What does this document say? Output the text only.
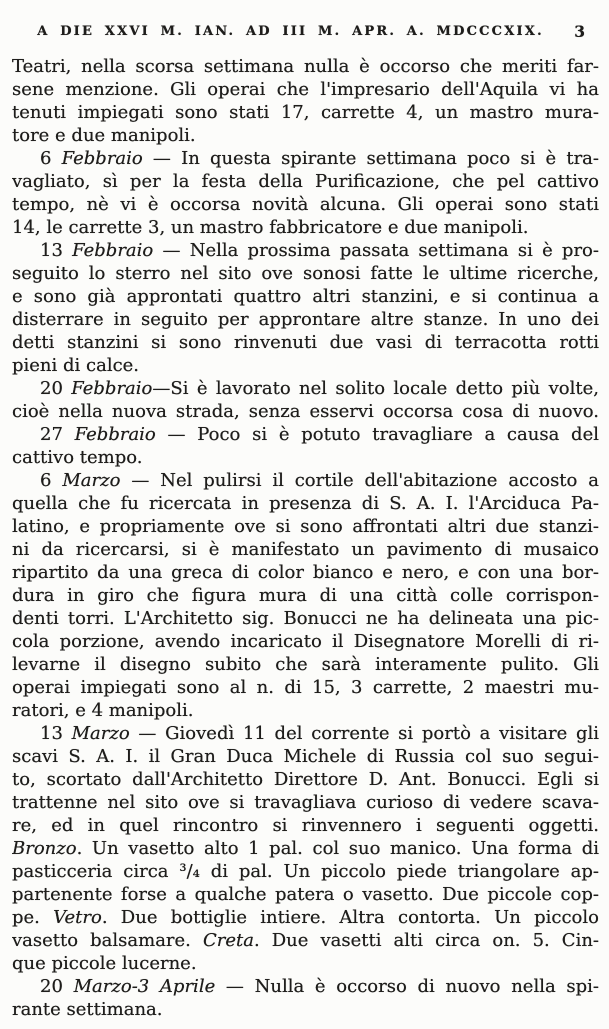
A DIE XXVI M. IAN. AD III M. APR. A. MDCCCXIX.	3
Teatri, nella scorsa settimana nulla è occorso che meriti far-
sene menzione. Gli operai che l'impresario dell'Aquila vi ha
tenuti impiegati sono stati 17, carrette 4, un mastro mura-
tore e due manipoli.
6 Febbraio — In questa spirante settimana poco si è tra-
vagliato, sì per la festa della Purificazione, che pel cattivo
tempo, nè vi è occorsa novità alcuna. Gli operai sono stati
14, le carrette 3, un mastro fabbricatore e due manipoli.
13 Febbraio — Nella prossima passata settimana si è pro-
seguito lo sterro nel sito ove sonosi fatte le ultime ricerche,
e sono già approntati quattro altri stanzini, e si continua a
disterrare in seguito per approntare altre stanze. In uno dei
detti stanzini si sono rinvenuti due vasi di terracotta rotti
pieni di calce.
20 Febbraio—Si è lavorato nel solito locale detto più volte,
cioè nella nuova strada, senza esservi occorsa cosa di nuovo.
27 Febbraio — Poco si è potuto travagliare a causa del
cattivo tempo.
6 Marzo — Nel pulirsi il cortile dell'abitazione accosto a
quella che fu ricercata in presenza di S. A. I. l'Arciduca Pa-
latino, e propriamente ove si sono affrontati altri due stanzi-
ni da ricercarsi, si è manifestato un pavimento di musaico
ripartito da una greca di color bianco e nero, e con una bor-
dura in giro che figura mura di una città colle corrispon-
denti torri. L'Architetto sig. Bonucci ne ha delineata una pic-
cola porzione, avendo incaricato il Disegnatore Morelli di ri-
levarne il disegno subito che sarà interamente pulito. Gli
operai impiegati sono al n. di 15, 3 carrette, 2 maestri mu-
ratori, e 4 manipoli.
13 Marzo — Giovedì 11 del corrente si portò a visitare gli
scavi S. A. I. il Gran Duca Michele di Russia col suo segui-
to, scortato dall'Architetto Direttore D. Ant. Bonucci. Egli si
trattenne nel sito ove si travagliava curioso di vedere scava-
re, ed in quel rincontro si rinvennero i seguenti oggetti.
Bronzo. Un vasetto alto 1 pal. col suo manico. Una forma di
pasticceria circa ³/₄ di pal. Un piccolo piede triangolare ap-
partenente forse a qualche patera o vasetto. Due piccole cop-
pe. Vetro. Due bottiglie intiere. Altra contorta. Un piccolo
vasetto balsamare. Creta. Due vasetti alti circa on. 5. Cin-
que piccole lucerne.
20 Marzo-3 Aprile — Nulla è occorso di nuovo nella spi-
rante settimana.
